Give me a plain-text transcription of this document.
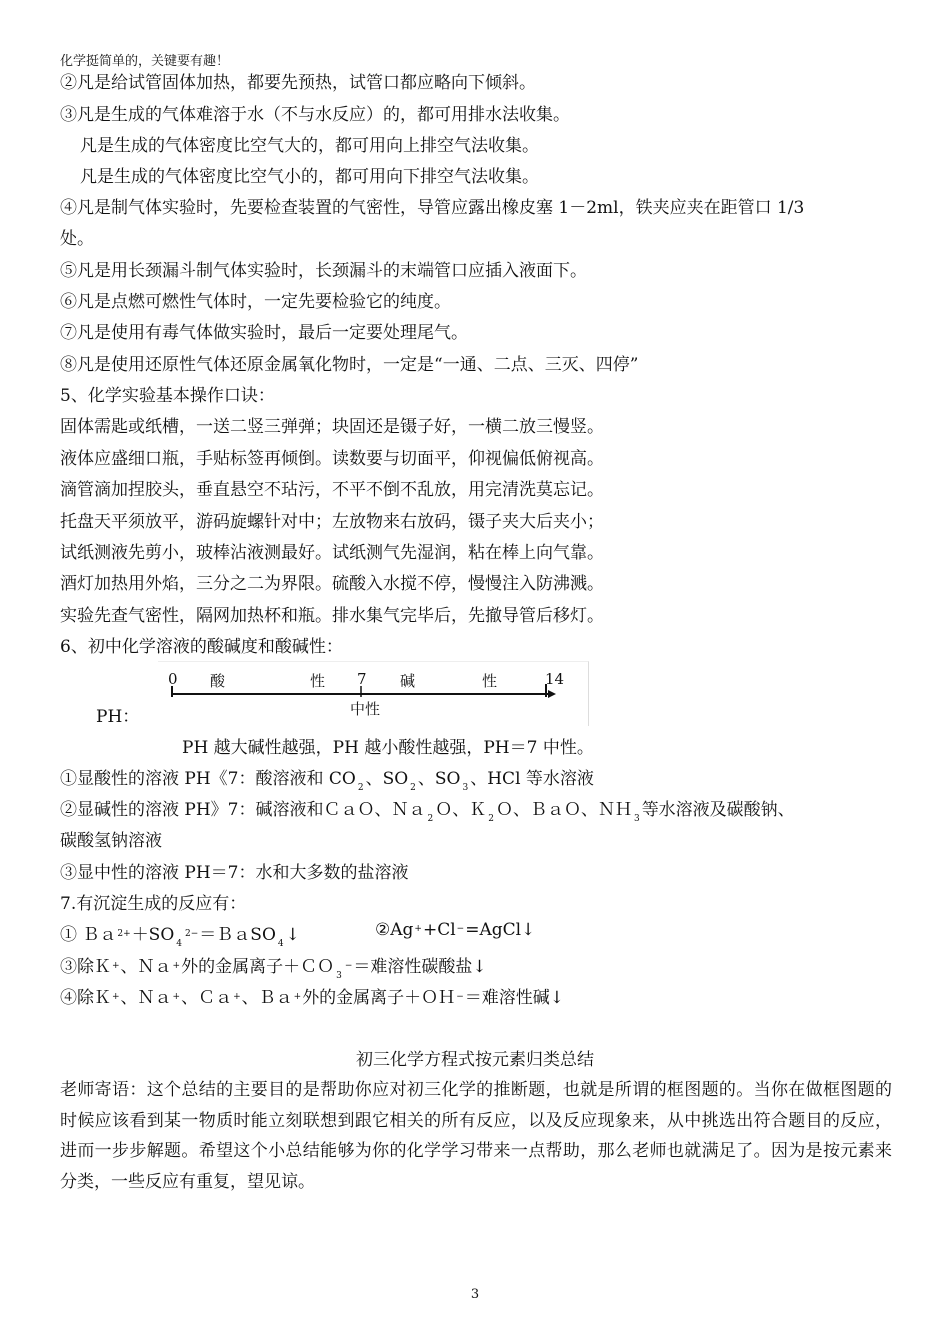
化学挺简单的，关键要有趣！
②凡是给试管固体加热，都要先预热，试管口都应略向下倾斜。
③凡是生成的气体难溶于水（不与水反应）的，都可用排水法收集。
凡是生成的气体密度比空气大的，都可用向上排空气法收集。
凡是生成的气体密度比空气小的，都可用向下排空气法收集。
④凡是制气体实验时，先要检查装置的气密性，导管应露出橡皮塞 1－2ml，铁夹应夹在距管口 1/3
处。
⑤凡是用长颈漏斗制气体实验时，长颈漏斗的末端管口应插入液面下。
⑥凡是点燃可燃性气体时，一定先要检验它的纯度。
⑦凡是使用有毒气体做实验时，最后一定要处理尾气。
⑧凡是使用还原性气体还原金属氧化物时，一定是“一通、二点、三灭、四停”
5、化学实验基本操作口诀：
固体需匙或纸槽，一送二竖三弹弹；块固还是镊子好，一横二放三慢竖。
液体应盛细口瓶，手贴标签再倾倒。读数要与切面平，仰视偏低俯视高。
滴管滴加捏胶头，垂直悬空不玷污，不平不倒不乱放，用完清洗莫忘记。
托盘天平须放平，游码旋螺针对中；左放物来右放码，镊子夹大后夹小；
试纸测液先剪小，玻棒沾液测最好。试纸测气先湿润，粘在棒上向气靠。
酒灯加热用外焰，三分之二为界限。硫酸入水搅不停，慢慢注入防沸溅。
实验先查气密性，隔网加热杯和瓶。排水集气完毕后，先撤导管后移灯。
6、初中化学溶液的酸碱度和酸碱性：
PH：
0 酸	性 7 碱	性	14
中性
PH 越大碱性越强，PH 越小酸性越强，PH＝7 中性。
①显酸性的溶液 PH《7：酸溶液和 CO $_2$ 、SO $_2$ 、SO $_3$ 、HCl 等水溶液
②显碱性的溶液 PH》7：碱溶液和ＣａＯ、Ｎａ $_2$ Ｏ、Ｋ $_2$ Ｏ、ＢａＯ、ＮＨ $_3$ 等水溶液及碳酸钠、
碳酸氢钠溶液
③显中性的溶液 PH＝7：水和大多数的盐溶液
7.有沉淀生成的反应有：
① Ｂａ$^{2+}$＋SO $_4^{2-}$＝ＢａSO $_4$ ↓	②Ag++Cl−=AgCl↓
③除Ｋ+、Ｎａ+外的金属离子＋ＣＯ $_3$−＝难溶性碳酸盐↓
④除Ｋ+、Ｎａ+、Ｃａ+、Ｂａ+外的金属离子＋ＯＨ−＝难溶性碱↓
初三化学方程式按元素归类总结
老师寄语：这个总结的主要目的是帮助你应对初三化学的推断题，也就是所谓的框图题的。当你在做框图题的时候应该看到某一物质时能立刻联想到跟它相关的所有反应，以及反应现象来，从中挑选出符合题目的反应，进而一步步解题。希望这个小总结能够为你的化学学习带来一点帮助，那么老师也就满足了。因为是按元素来分类，一些反应有重复，望见谅。
3
